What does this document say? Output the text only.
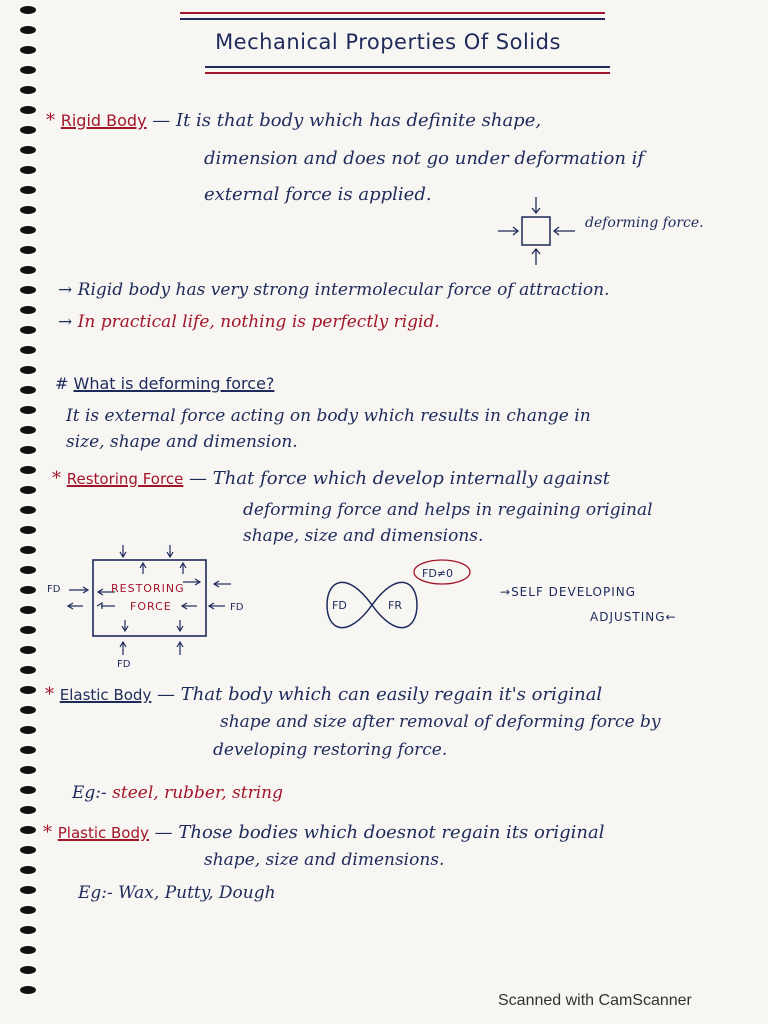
Mechanical Properties Of Solids
* Rigid Body — It is that body which has definite shape,
dimension and does not go under deformation if
external force is applied.
deforming force.
→ Rigid body has very strong intermolecular force of attraction.
→ In practical life, nothing is perfectly rigid.
# What is deforming force?
It is external force acting on body which results in change in
size, shape and dimension.
* Restoring Force — That force which develop internally against
deforming force and helps in regaining original
shape, size and dimensions.
RESTORING
FORCE
FD
FD
FD
FD	FR
FD≠0
→SELF DEVELOPING
ADJUSTING←
* Elastic Body — That body which can easily regain it's original
shape and size after removal of deforming force by
developing restoring force.
Eg:- steel, rubber, string
* Plastic Body — Those bodies which doesnot regain its original
shape, size and dimensions.
Eg:- Wax, Putty, Dough
Scanned with CamScanner
